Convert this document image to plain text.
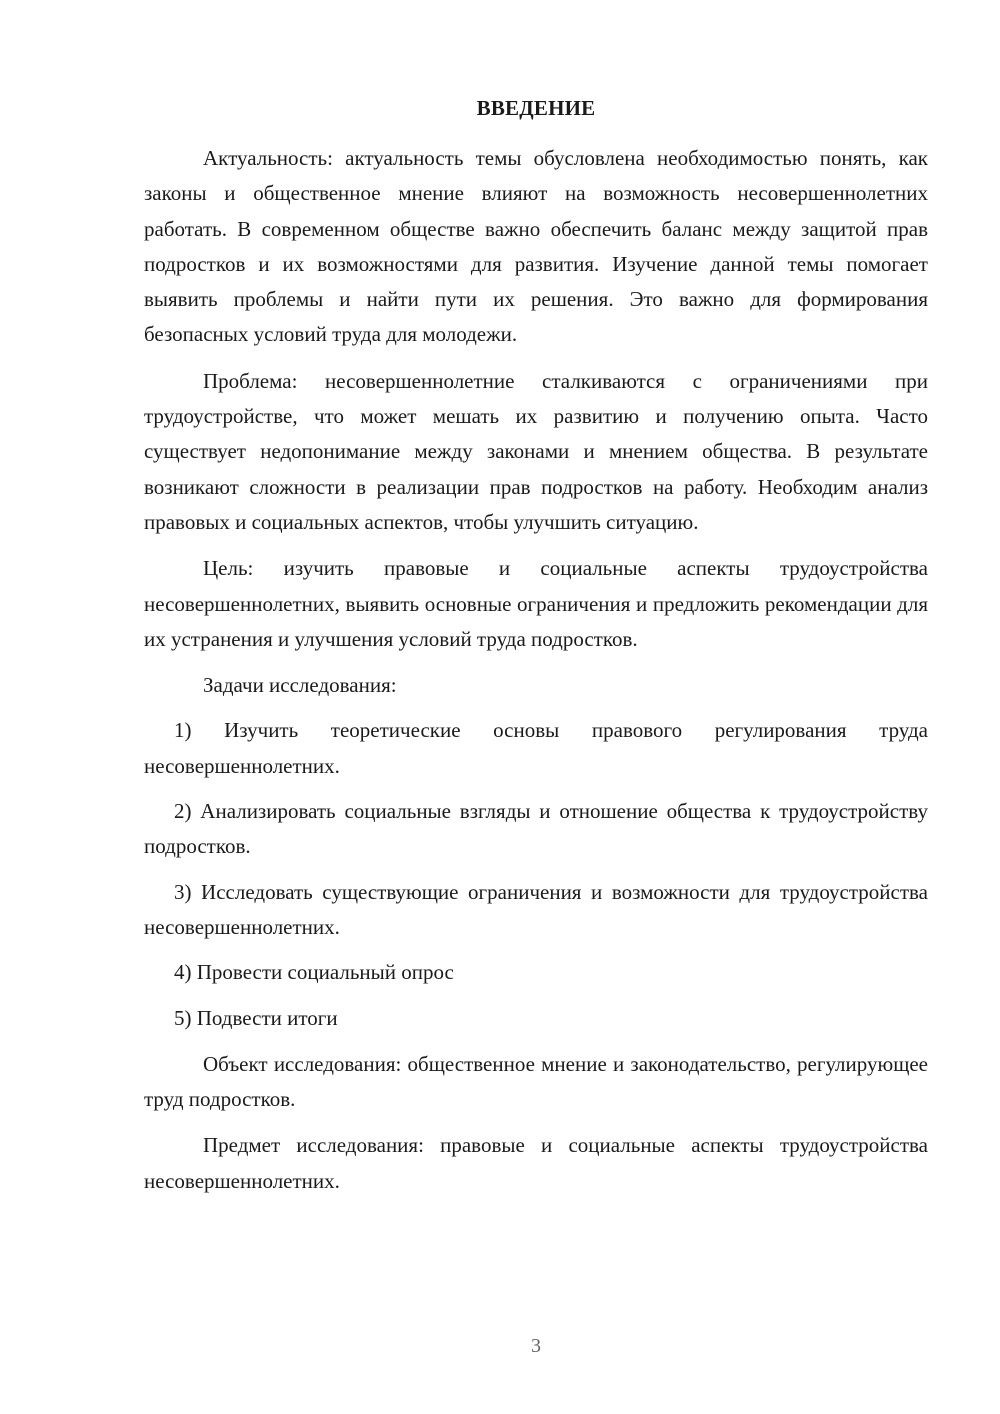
ВВЕДЕНИЕ

Актуальность: актуальность темы обусловлена необходимостью понять, как законы и общественное мнение влияют на возможность несовершеннолетних работать. В современном обществе важно обеспечить баланс между защитой прав подростков и их возможностями для развития. Изучение данной темы помогает выявить проблемы и найти пути их решения. Это важно для формирования безопасных условий труда для молодежи.

Проблема: несовершеннолетние сталкиваются с ограничениями при трудоустройстве, что может мешать их развитию и получению опыта. Часто существует недопонимание между законами и мнением общества. В результате возникают сложности в реализации прав подростков на работу. Необходим анализ правовых и социальных аспектов, чтобы улучшить ситуацию.

Цель: изучить правовые и социальные аспекты трудоустройства несовершеннолетних, выявить основные ограничения и предложить рекомендации для их устранения и улучшения условий труда подростков.

Задачи исследования:

1) Изучить теоретические основы правового регулирования труда несовершеннолетних.

2) Анализировать социальные взгляды и отношение общества к трудоустройству подростков.

3) Исследовать существующие ограничения и возможности для трудоустройства несовершеннолетних.

4) Провести социальный опрос

5) Подвести итоги

Объект исследования: общественное мнение и законодательство, регулирующее труд подростков.

Предмет исследования: правовые и социальные аспекты трудоустройства несовершеннолетних.

3
